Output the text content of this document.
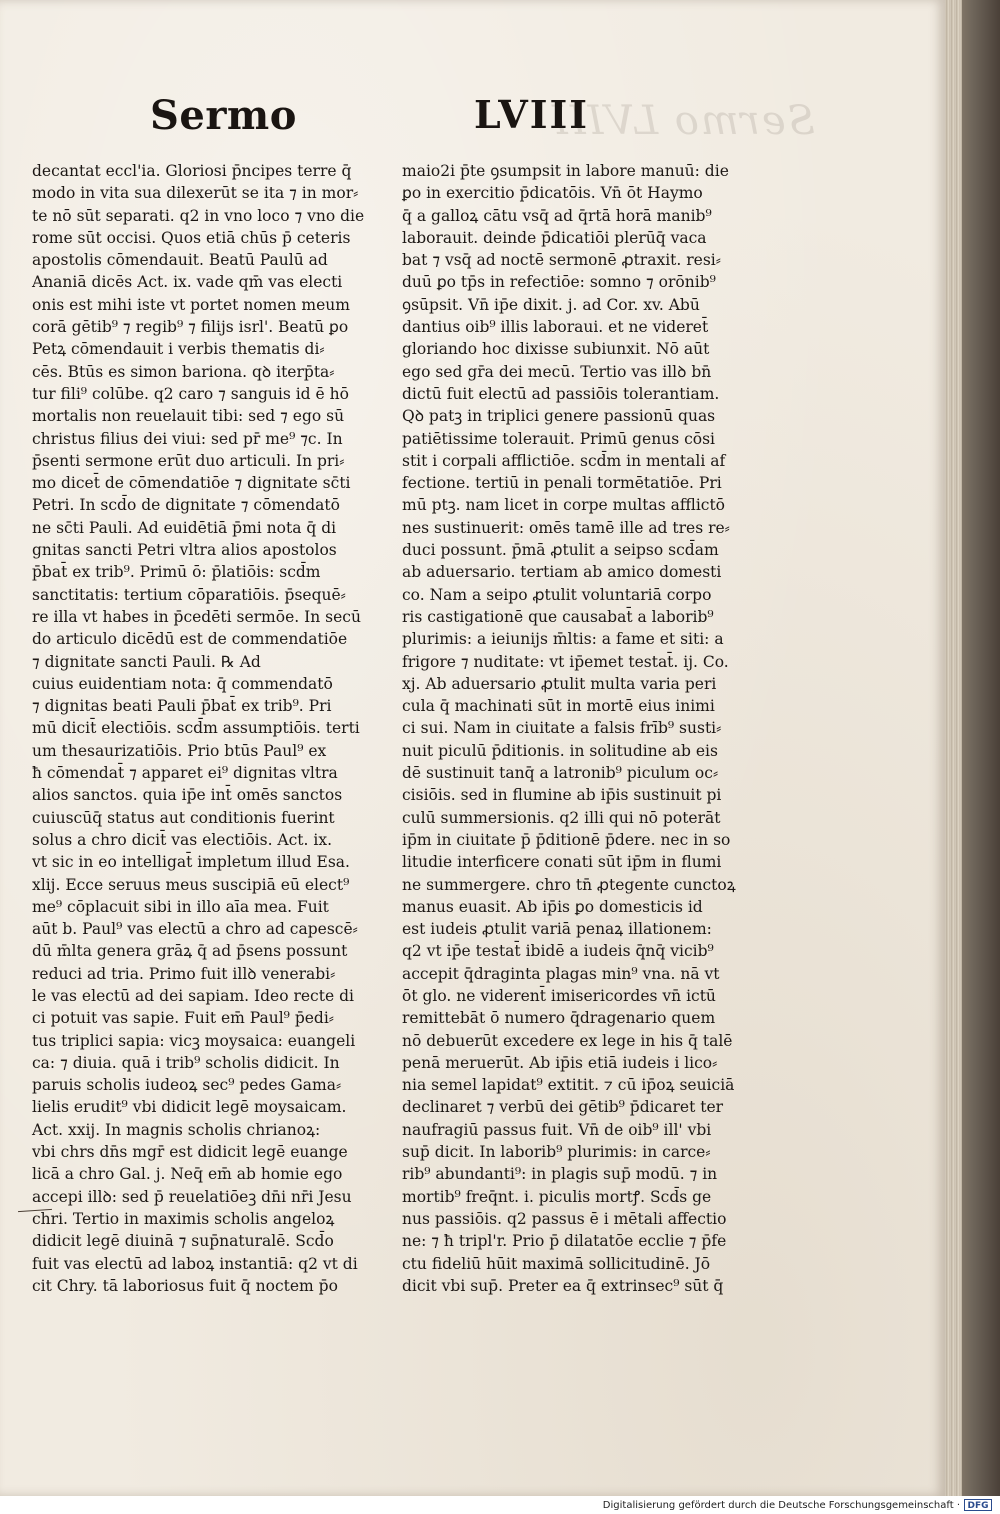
Sermo LVIII
Sermo	LVIII
decantat eccl'ia. Gloriosi p̄ncipes terre q̄
modo in vita sua dilexerūt se ita ⁊ in mor⸗
te nō sūt separati. q2 in vno loco ⁊ vno die
rome sūt occisi. Quos etiā chūs p̄ ceteris
apostolis cōmendauit. Beatū Paulū ad
Ananiā dicēs Act. ix. vade qm̄ vas electi
onis est mihi iste vt portet nomen meum
corā gētib⁹ ⁊ regib⁹ ⁊ filijs isrl'. Beatū ꝑo
Petꝝ cōmendauit i verbis thematis di⸗
cēs. Btūs es simon bariona. qꝺ iterp̄ta⸗
tur fili⁹ colūbe. q2 caro ⁊ sanguis id ē hō
mortalis non reuelauit tibi: sed ⁊ ego sū
christus filius dei viui: sed pr̄ me⁹ ⁊c. In
p̄senti sermone erūt duo articuli. In pri⸗
mo dicet̄ de cōmendatiōe ⁊ dignitate sc̄ti
Petri. In scd̄o de dignitate ⁊ cōmendatō
ne sc̄ti Pauli. Ad euidētiā p̄mi nota q̄ di
gnitas sancti Petri vltra alios apostolos
p̄bat̄ ex trib⁹. Primū ō: p̄latiōis: scd̄m
sanctitatis: tertium cōparatiōis. p̄sequē⸗
re illa vt habes in p̄cedēti sermōe. In secū
do articulo dicēdū est de commendatiōe
⁊ dignitate sancti Pauli. ℞ Ad
cuius euidentiam nota: q̄ commendatō
⁊ dignitas beati Pauli p̄bat̄ ex trib⁹. Pri
mū dicit̄ electiōis. scd̄m assumptiōis. terti
um thesaurizatiōis. Prio btūs Paul⁹ ex
ħ cōmendat̄ ⁊ apparet ei⁹ dignitas vltra
alios sanctos. quia ip̄e int̄ omēs sanctos
cuiuscūq̄ status aut conditionis fuerint
solus a chro dicit̄ vas electiōis. Act. ix.
vt sic in eo intelligat̄ impletum illud Esa.
xlij. Ecce seruus meus suscipiā eū elect⁹
me⁹ cōplacuit sibi in illo aīa mea. Fuit
aūt b. Paul⁹ vas electū a chro ad capescē⸗
dū m̄lta genera grāꝝ q̄ ad p̄sens possunt
reduci ad tria. Primo fuit illꝺ venerabi⸗
le vas electū ad dei sapiam. Ideo recte di
ci potuit vas sapie. Fuit em̄ Paul⁹ p̄edi⸗
tus triplici sapia: vicꝫ moysaica: euangeli
ca: ⁊ diuia. quā i trib⁹ scholis didicit. In
paruis scholis iudeoꝝ sec⁹ pedes Gama⸗
lielis erudit⁹ vbi didicit legē moysaicam.
Act. xxij. In magnis scholis chrianoꝝ:
vbi chrs dn̄s mgr̄ est didicit legē euange
licā a chro Gal. j. Neq̄ em̄ ab homie ego
accepi illꝺ: sed p̄ reuelatiōeꝫ dn̄i nr̄i Jesu
chri. Tertio in maximis scholis angeloꝝ
didicit legē diuinā ⁊ sup̄naturalē. Scd̄o
fuit vas electū ad laboꝝ instantiā: q2 vt di
cit Chry. tā laboriosus fuit q̄ noctem p̄o
maio2i p̄te ꝯsumpsit in labore manuū: die
ꝑo in exercitio p̄dicatōis. Vn̄ ōt Haymo
q̄ a galloꝝ cātu vsq̄ ad q̄rtā horā manib⁹
laborauit. deinde p̄dicatiōi plerūq̄ vaca
bat ⁊ vsq̄ ad noctē sermonē ꝓtraxit. resi⸗
duū ꝑo tp̄s in refectiōe: somno ⁊ orōnib⁹
ꝯsūpsit. Vn̄ ip̄e dixit. j. ad Cor. xv. Abū
dantius oib⁹ illis laboraui. et ne videret̄
gloriando hoc dixisse subiunxit. Nō aūt
ego sed gr̄a dei mecū. Tertio vas illꝺ bn̄
dictū fuit electū ad passiōis tolerantiam.
Qꝺ patꝫ in triplici genere passionū quas
patiētissime tolerauit. Primū genus cōsi
stit i corpali afflictiōe. scd̄m in mentali af
fectione. tertiū in penali tormētatiōe. Pri
mū ptꝫ. nam licet in corpe multas afflictō
nes sustinuerit: omēs tamē ille ad tres re⸗
duci possunt. p̄mā ꝓtulit a seipso scd̄am
ab aduersario. tertiam ab amico domesti
co. Nam a seipo ꝓtulit voluntariā corpo
ris castigationē que causabat̄ a laborib⁹
plurimis: a ieiunijs m̄ltis: a fame et siti: a
frigore ⁊ nuditate: vt ip̄emet testat̄. ij. Co.
xj. Ab aduersario ꝓtulit multa varia peri
cula q̄ machinati sūt in mortē eius inimi
ci sui. Nam in ciuitate a falsis frīb⁹ susti⸗
nuit piculū p̄ditionis. in solitudine ab eis
dē sustinuit tanq̄ a latronib⁹ piculum oc⸗
cisiōis. sed in flumine ab ip̄is sustinuit pi
culū summersionis. q2 illi qui nō poterāt
ip̄m in ciuitate p̄ p̄ditionē p̄dere. nec in so
litudie interficere conati sūt ip̄m in flumi
ne summergere. chro tn̄ ꝓtegente cunctoꝝ
manus euasit. Ab ip̄is ꝑo domesticis id
est iudeis ꝓtulit variā penaꝝ illationem:
q2 vt ip̄e testat̄ ibidē a iudeis q̄nq̄ vicib⁹
accepit q̄draginta plagas min⁹ vna. nā vt
ōt glo. ne viderent̄ imisericordes vn̄ ictū
remittebāt ō numero q̄dragenario quem
nō debuerūt excedere ex lege in his q̄ talē
penā meruerūt. Ab ip̄is etiā iudeis i lico⸗
nia semel lapidat⁹ extitit. ⁊ cū ip̄oꝝ seuiciā
declinaret ⁊ verbū dei gētib⁹ p̄dicaret ter
naufragiū passus fuit. Vn̄ de oib⁹ ill' vbi
sup̄ dicit. In laborib⁹ plurimis: in carce⸗
rib⁹ abundanti⁹: in plagis sup̄ modū. ⁊ in
mortib⁹ freq̄nt. i. piculis mortꝭ. Scd̄s ge
nus passiōis. q2 passus ē i mētali affectio
ne: ⁊ ħ tripl'r. Prio p̄ dilatatōe ecclie ⁊ p̄fe
ctu fideliū hūit maximā sollicitudinē. Jō
dicit vbi sup̄. Preter ea q̄ extrinsec⁹ sūt q̄
Digitalisierung gefördert durch die Deutsche Forschungsgemeinschaft · DFG
